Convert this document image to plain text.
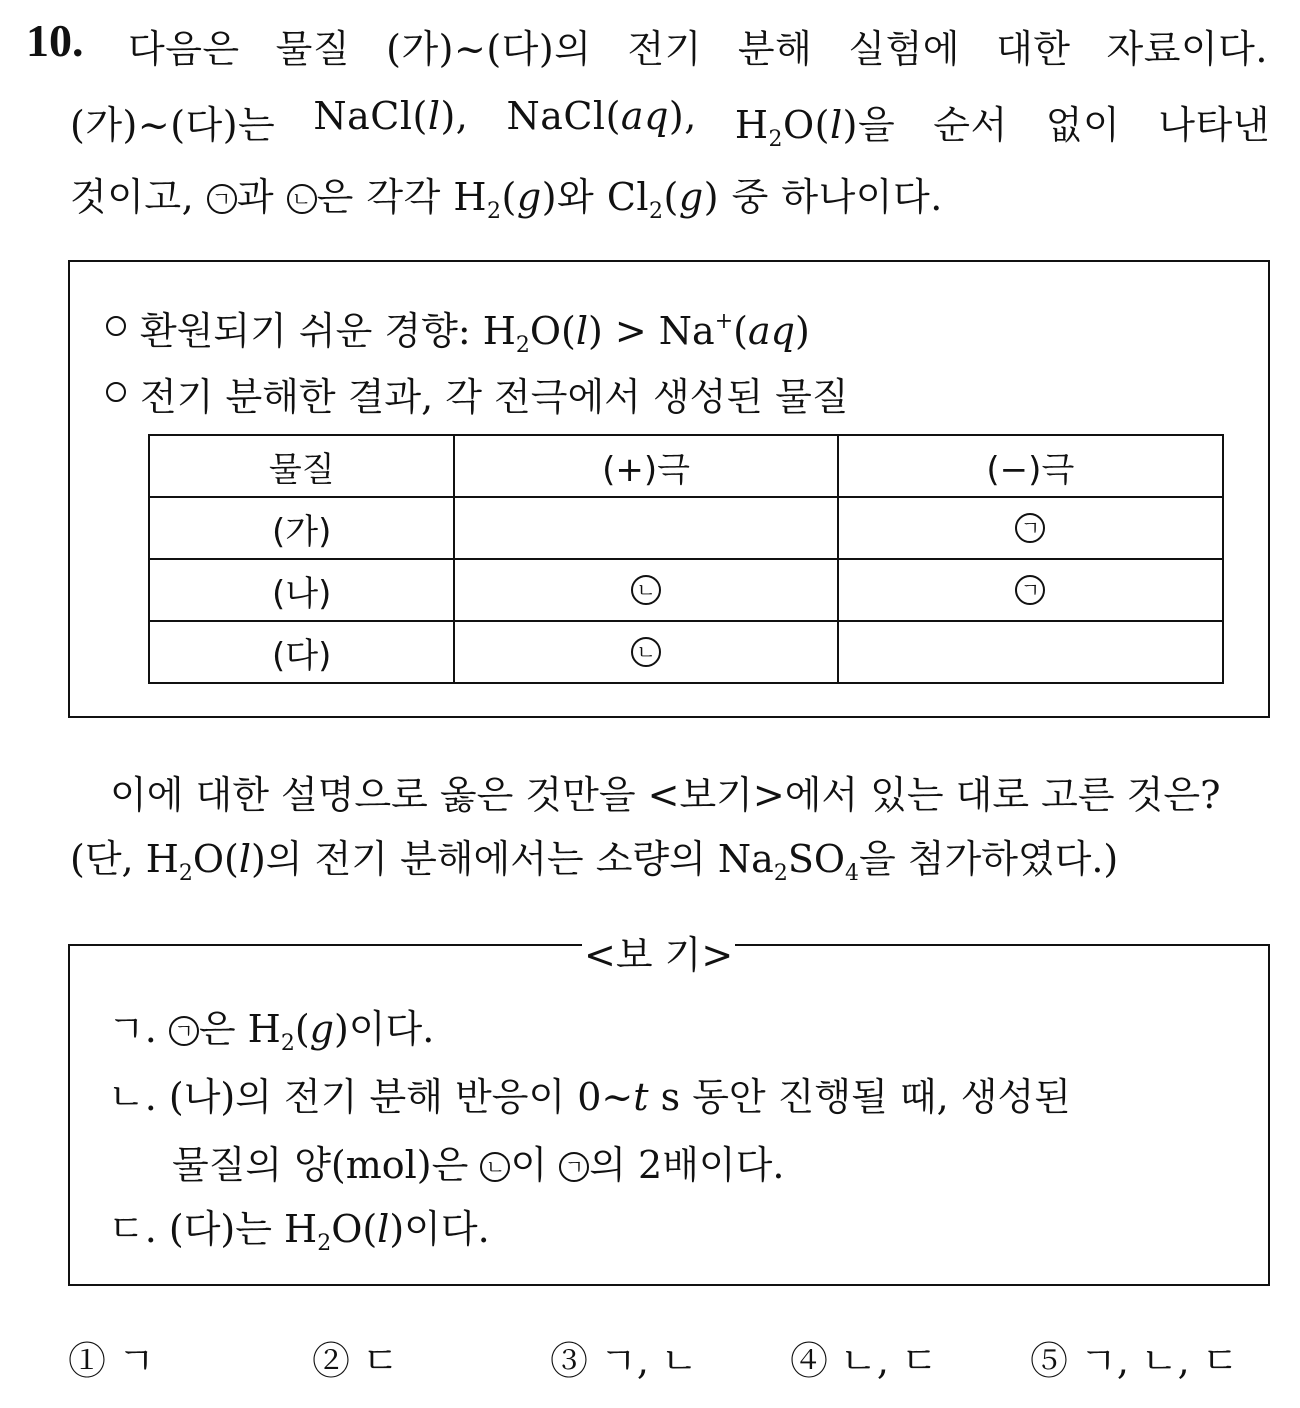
10. 다음은 물질 (가)~(다)의 전기 분해 실험에 대한 자료이다.
(가)~(다)는 NaCl(l), NaCl(aq), $H_2O(l)$을 순서 없이 나타낸
것이고, ㄱ 과 ㄴ 은 각각 $H_2(g)$와 $Cl_2(g)$ 중 하나이다.
환원되기 쉬운 경향: $H_2O(l) > Na^+(aq)$
전기 분해한 결과, 각 전극에서 생성된 물질
물질	(+)극	(−)극
(가)		ㄱ
(나)	ㄴ	ㄱ
(다)	ㄴ	
이에 대한 설명으로 옳은 것만을 <보기>에서 있는 대로 고른 것은?
(단, $H_2O(l)$의 전기 분해에서는 소량의 $Na_2SO_4$을 첨가하였다.)
<보 기>
ㄱ. ㄱ 은 $H_2(g)$이다.
ㄴ. (나)의 전기 분해 반응이 0~t s 동안 진행될 때, 생성된
물질의 양(mol)은 ㄴ 이 ㄱ 의 2배이다.
ㄷ. (다)는 $H_2O(l)$이다.
① ㄱ	② ㄷ	③ ㄱ, ㄴ ④ ㄴ, ㄷ ⑤ ㄱ, ㄴ, ㄷ
